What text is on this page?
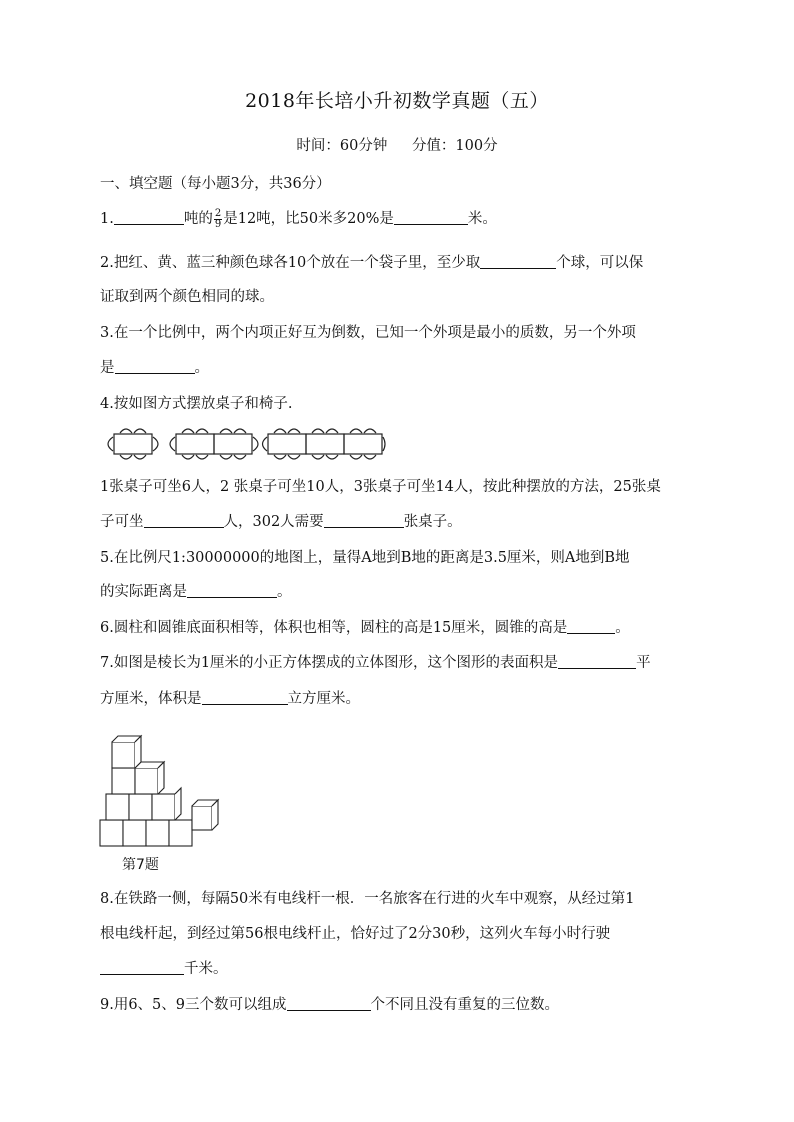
2018年长培小升初数学真题（五）
时间：60分钟 分值：100分
一、填空题（每小题3分，共36分）
1.	吨的 $\frac{2}{9}$ 是12吨，比50米多20%是	米。
2.把红、黄、蓝三种颜色球各10个放在一个袋子里，至少取	个球，可以保
证取到两个颜色相同的球。
3.在一个比例中，两个内项正好互为倒数，已知一个外项是最小的质数，另一个外项
是	。
4.按如图方式摆放桌子和椅子.
1张桌子可坐6人，2 张桌子可坐10人，3张桌子可坐14人，按此种摆放的方法，25张桌
子可坐	人，302人需要	张桌子。
5.在比例尺1:30000000的地图上，量得A地到B地的距离是3.5厘米，则A地到B地
的实际距离是	。
6.圆柱和圆锥底面积相等，体积也相等，圆柱的高是15厘米，圆锥的高是	。
7.如图是棱长为1厘米的小正方体摆成的立体图形，这个图形的表面积是	平
方厘米，体积是	立方厘米。
第7题
8.在铁路一侧，每隔50米有电线杆一根．一名旅客在行进的火车中观察，从经过第1
根电线杆起，到经过第56根电线杆止，恰好过了2分30秒，这列火车每小时行驶
千米。
9.用6、5、9三个数可以组成	个不同且没有重复的三位数。
